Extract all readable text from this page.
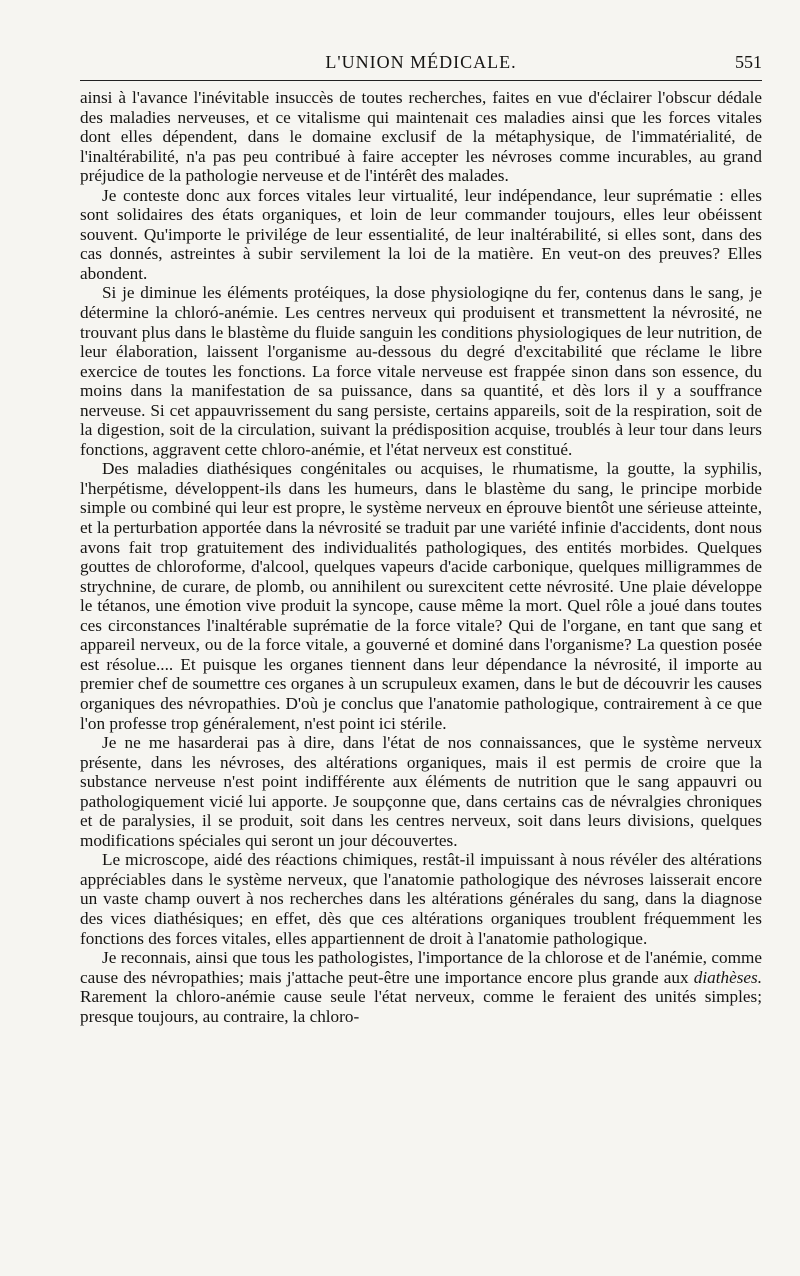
L'UNION MÉDICALE.	551

ainsi à l'avance l'inévitable insuccès de toutes recherches, faites en vue d'éclairer l'obscur dédale des maladies nerveuses, et ce vitalisme qui maintenait ces maladies ainsi que les forces vitales dont elles dépendent, dans le domaine exclusif de la métaphysique, de l'immatérialité, de l'inaltérabilité, n'a pas peu contribué à faire accepter les névroses comme incurables, au grand préjudice de la pathologie nerveuse et de l'intérêt des malades.

Je conteste donc aux forces vitales leur virtualité, leur indépendance, leur suprématie : elles sont solidaires des états organiques, et loin de leur commander toujours, elles leur obéissent souvent. Qu'importe le privilége de leur essentialité, de leur inaltérabilité, si elles sont, dans des cas donnés, astreintes à subir servilement la loi de la matière. En veut-on des preuves? Elles abondent.

Si je diminue les éléments protéiques, la dose physiologiqne du fer, contenus dans le sang, je détermine la chloró-anémie. Les centres nerveux qui produisent et transmettent la névrosité, ne trouvant plus dans le blastème du fluide sanguin les conditions physiologiques de leur nutrition, de leur élaboration, laissent l'organisme au-dessous du degré d'excitabilité que réclame le libre exercice de toutes les fonctions. La force vitale nerveuse est frappée sinon dans son essence, du moins dans la manifestation de sa puissance, dans sa quantité, et dès lors il y a souffrance nerveuse. Si cet appauvrissement du sang persiste, certains appareils, soit de la respiration, soit de la digestion, soit de la circulation, suivant la prédisposition acquise, troublés à leur tour dans leurs fonctions, aggravent cette chloro-anémie, et l'état nerveux est constitué.

Des maladies diathésiques congénitales ou acquises, le rhumatisme, la goutte, la syphilis, l'herpétisme, développent-ils dans les humeurs, dans le blastème du sang, le principe morbide simple ou combiné qui leur est propre, le système nerveux en éprouve bientôt une sérieuse atteinte, et la perturbation apportée dans la névrosité se traduit par une variété infinie d'accidents, dont nous avons fait trop gratuitement des individualités pathologiques, des entités morbides. Quelques gouttes de chloroforme, d'alcool, quelques vapeurs d'acide carbonique, quelques milligrammes de strychnine, de curare, de plomb, ou annihilent ou surexcitent cette névrosité. Une plaie développe le tétanos, une émotion vive produit la syncope, cause même la mort. Quel rôle a joué dans toutes ces circonstances l'inaltérable suprématie de la force vitale? Qui de l'organe, en tant que sang et appareil nerveux, ou de la force vitale, a gouverné et dominé dans l'organisme? La question posée est résolue.... Et puisque les organes tiennent dans leur dépendance la névrosité, il importe au premier chef de soumettre ces organes à un scrupuleux examen, dans le but de découvrir les causes organiques des névropathies. D'où je conclus que l'anatomie pathologique, contrairement à ce que l'on professe trop généralement, n'est point ici stérile.

Je ne me hasarderai pas à dire, dans l'état de nos connaissances, que le système nerveux présente, dans les névroses, des altérations organiques, mais il est permis de croire que la substance nerveuse n'est point indifférente aux éléments de nutrition que le sang appauvri ou pathologiquement vicié lui apporte. Je soupçonne que, dans certains cas de névralgies chroniques et de paralysies, il se produit, soit dans les centres nerveux, soit dans leurs divisions, quelques modifications spéciales qui seront un jour découvertes.

Le microscope, aidé des réactions chimiques, restât-il impuissant à nous révéler des altérations appréciables dans le système nerveux, que l'anatomie pathologique des névroses laisserait encore un vaste champ ouvert à nos recherches dans les altérations générales du sang, dans la diagnose des vices diathésiques; en effet, dès que ces altérations organiques troublent fréquemment les fonctions des forces vitales, elles appartiennent de droit à l'anatomie pathologique.

Je reconnais, ainsi que tous les pathologistes, l'importance de la chlorose et de l'anémie, comme cause des névropathies; mais j'attache peut-être une importance encore plus grande aux diathèses. Rarement la chloro-anémie cause seule l'état nerveux, comme le feraient des unités simples; presque toujours, au contraire, la chloro-
